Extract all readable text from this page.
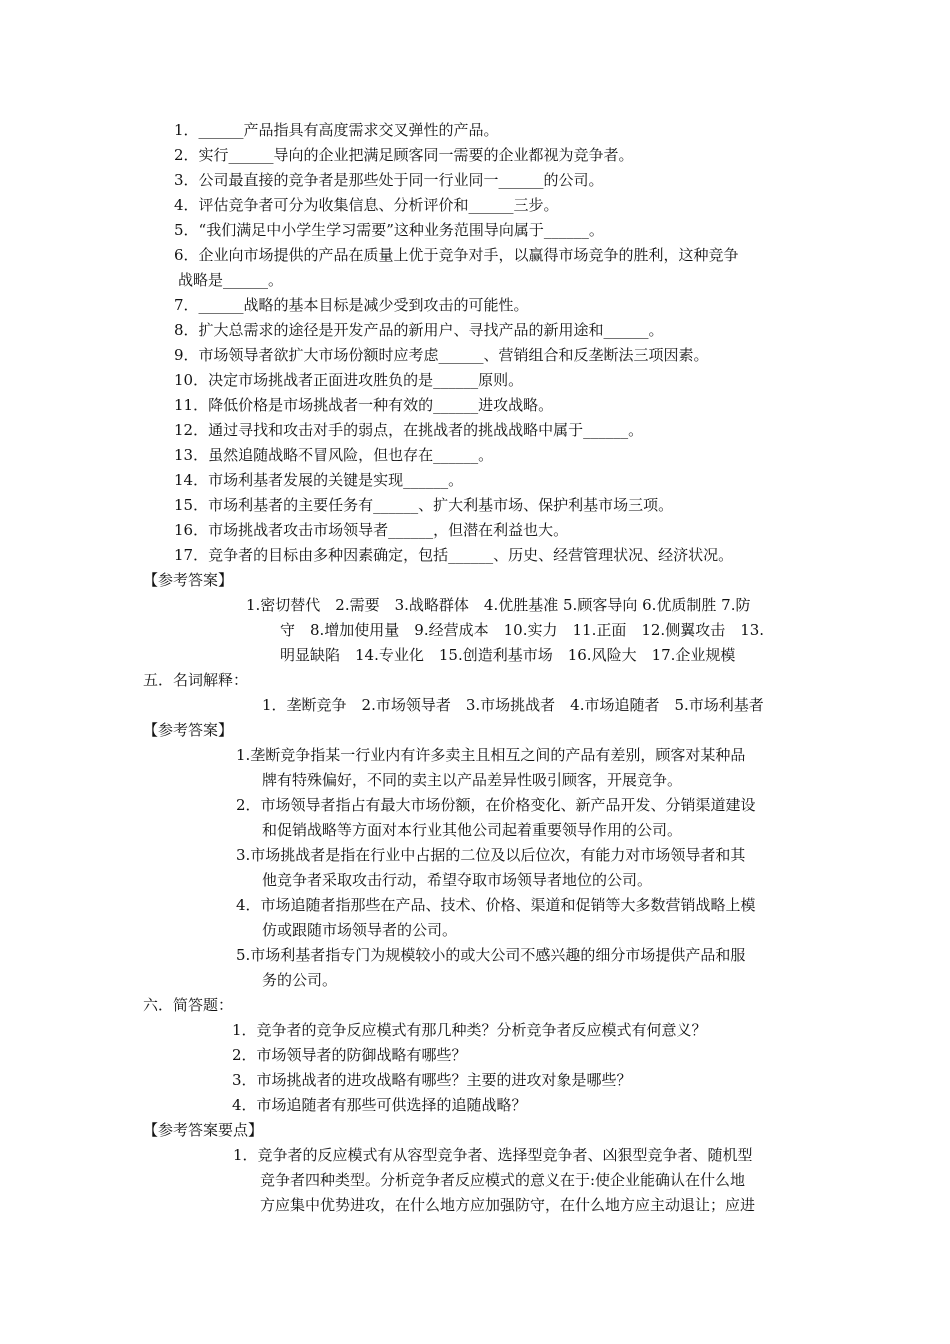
1．______产品指具有高度需求交叉弹性的产品。
2．实行______导向的企业把满足顾客同一需要的企业都视为竞争者。
3．公司最直接的竞争者是那些处于同一行业同一______的公司。
4．评估竞争者可分为收集信息、分析评价和______三步。
5．“我们满足中小学生学习需要”这种业务范围导向属于______。
6．企业向市场提供的产品在质量上优于竞争对手，以赢得市场竞争的胜利，这种竞争
战略是______。
7．______战略的基本目标是减少受到攻击的可能性。
8．扩大总需求的途径是开发产品的新用户、寻找产品的新用途和______。
9．市场领导者欲扩大市场份额时应考虑______、营销组合和反垄断法三项因素。
10．决定市场挑战者正面进攻胜负的是______原则。
11．降低价格是市场挑战者一种有效的______进攻战略。
12．通过寻找和攻击对手的弱点，在挑战者的挑战战略中属于______。
13．虽然追随战略不冒风险，但也存在______。
14．市场利基者发展的关键是实现______。
15．市场利基者的主要任务有______、扩大利基市场、保护利基市场三项。
16．市场挑战者攻击市场领导者______，但潜在利益也大。
17．竞争者的目标由多种因素确定，包括______、历史、经营管理状况、经济状况。
【参考答案】
1.密切替代　2.需要　3.战略群体　4.优胜基准 5.顾客导向 6.优质制胜 7.防
守　8.增加使用量　9.经营成本　10.实力　11.正面　12.侧翼攻击　13.
明显缺陷　14.专业化　15.创造利基市场　16.风险大　17.企业规模
五．名词解释：
1．垄断竞争　2.市场领导者　3.市场挑战者　4.市场追随者　5.市场利基者
【参考答案】
1.垄断竞争指某一行业内有许多卖主且相互之间的产品有差别，顾客对某种品
牌有特殊偏好，不同的卖主以产品差异性吸引顾客，开展竞争。
2．市场领导者指占有最大市场份额，在价格变化、新产品开发、分销渠道建设
和促销战略等方面对本行业其他公司起着重要领导作用的公司。
3.市场挑战者是指在行业中占据的二位及以后位次，有能力对市场领导者和其
他竞争者采取攻击行动，希望夺取市场领导者地位的公司。
4．市场追随者指那些在产品、技术、价格、渠道和促销等大多数营销战略上模
仿或跟随市场领导者的公司。
5.市场利基者指专门为规模较小的或大公司不感兴趣的细分市场提供产品和服
务的公司。
六．简答题：
1．竞争者的竞争反应模式有那几种类？分析竞争者反应模式有何意义？
2．市场领导者的防御战略有哪些？
3．市场挑战者的进攻战略有哪些？主要的进攻对象是哪些？
4．市场追随者有那些可供选择的追随战略？
【参考答案要点】
1．竞争者的反应模式有从容型竞争者、选择型竞争者、凶狠型竞争者、随机型
竞争者四种类型。分析竞争者反应模式的意义在于:使企业能确认在什么地
方应集中优势进攻，在什么地方应加强防守，在什么地方应主动退让；应进
